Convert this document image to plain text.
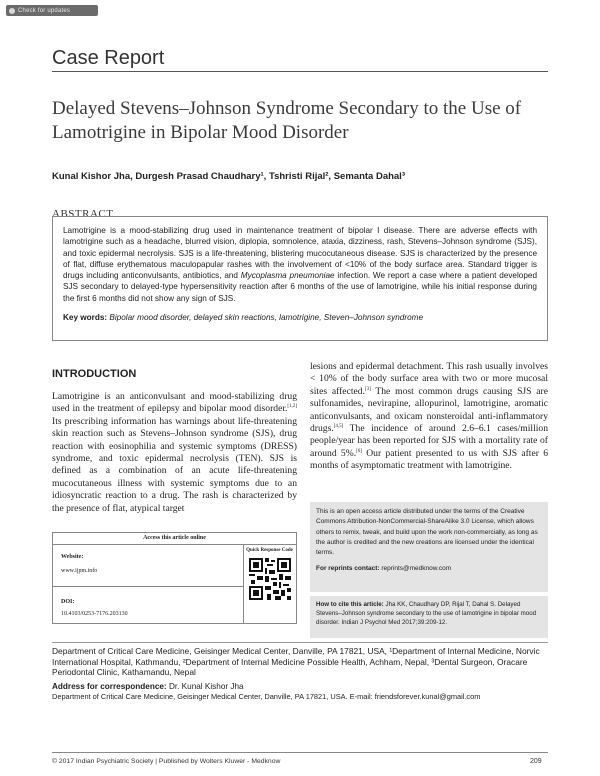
Check for updates
Case Report
Delayed Stevens–Johnson Syndrome Secondary to the Use of Lamotrigine in Bipolar Mood Disorder
Kunal Kishor Jha, Durgesh Prasad Chaudhary¹, Tshristi Rijal², Semanta Dahal³
ABSTRACT
Lamotrigine is a mood-stabilizing drug used in maintenance treatment of bipolar I disease. There are adverse effects with lamotrigine such as a headache, blurred vision, diplopia, somnolence, ataxia, dizziness, rash, Stevens–Johnson syndrome (SJS), and toxic epidermal necrolysis. SJS is a life-threatening, blistering mucocutaneous disease. SJS is characterized by the presence of flat, diffuse erythematous maculopapular rashes with the involvement of <10% of the body surface area. Standard trigger is drugs including anticonvulsants, antibiotics, and Mycoplasma pneumoniae infection. We report a case where a patient developed SJS secondary to delayed-type hypersensitivity reaction after 6 months of the use of lamotrigine, while his initial response during the first 6 months did not show any sign of SJS.
Key words: Bipolar mood disorder, delayed skin reactions, lamotrigine, Steven–Johnson syndrome
INTRODUCTION
Lamotrigine is an anticonvulsant and mood-stabilizing drug used in the treatment of epilepsy and bipolar mood disorder.[1,2] Its prescribing information has warnings about life-threatening skin reaction such as Stevens–Johnson syndrome (SJS), drug reaction with eosinophilia and systemic symptoms (DRESS) syndrome, and toxic epidermal necrolysis (TEN). SJS is defined as a combination of an acute life-threatening mucocutaneous illness with systemic symptoms due to an idiosyncratic reaction to a drug. The rash is characterized by the presence of flat, atypical target
lesions and epidermal detachment. This rash usually involves < 10% of the body surface area with two or more mucosal sites affected.[3] The most common drugs causing SJS are sulfonamides, nevirapine, allopurinol, lamotrigine, aromatic anticonvulsants, and oxicam nonsteroidal anti-inflammatory drugs.[4,5] The incidence of around 2.6–6.1 cases/million people/year has been reported for SJS with a mortality rate of around 5%.[6] Our patient presented to us with SJS after 6 months of asymptomatic treatment with lamotrigine.
Access this article online
Website:
www.ijpm.info
DOI:
10.4103/0253-7176.203130
Quick Response Code
This is an open access article distributed under the terms of the Creative Commons Attribution-NonCommercial-ShareAlike 3.0 License, which allows others to remix, tweak, and build upon the work non-commercially, as long as the author is credited and the new creations are licensed under the identical terms.
For reprints contact: reprints@medknow.com
How to cite this article: Jha KK, Chaudhary DP, Rijal T, Dahal S. Delayed Stevens–Johnson syndrome secondary to the use of lamotrigine in bipolar mood disorder. Indian J Psychol Med 2017;39:209-12.
Department of Critical Care Medicine, Geisinger Medical Center, Danville, PA 17821, USA, ¹Department of Internal Medicine, Norvic International Hospital, Kathmandu, ²Department of Internal Medicine Possible Health, Achham, Nepal, ³Dental Surgeon, Oracare Periodontal Clinic, Kathamandu, Nepal
Address for correspondence: Dr. Kunal Kishor Jha
Department of Critical Care Medicine, Geisinger Medical Center, Danville, PA 17821, USA. E-mail: friendsforever.kunal@gmail.com
© 2017 Indian Psychiatric Society | Published by Wolters Kluwer - Medknow	209
